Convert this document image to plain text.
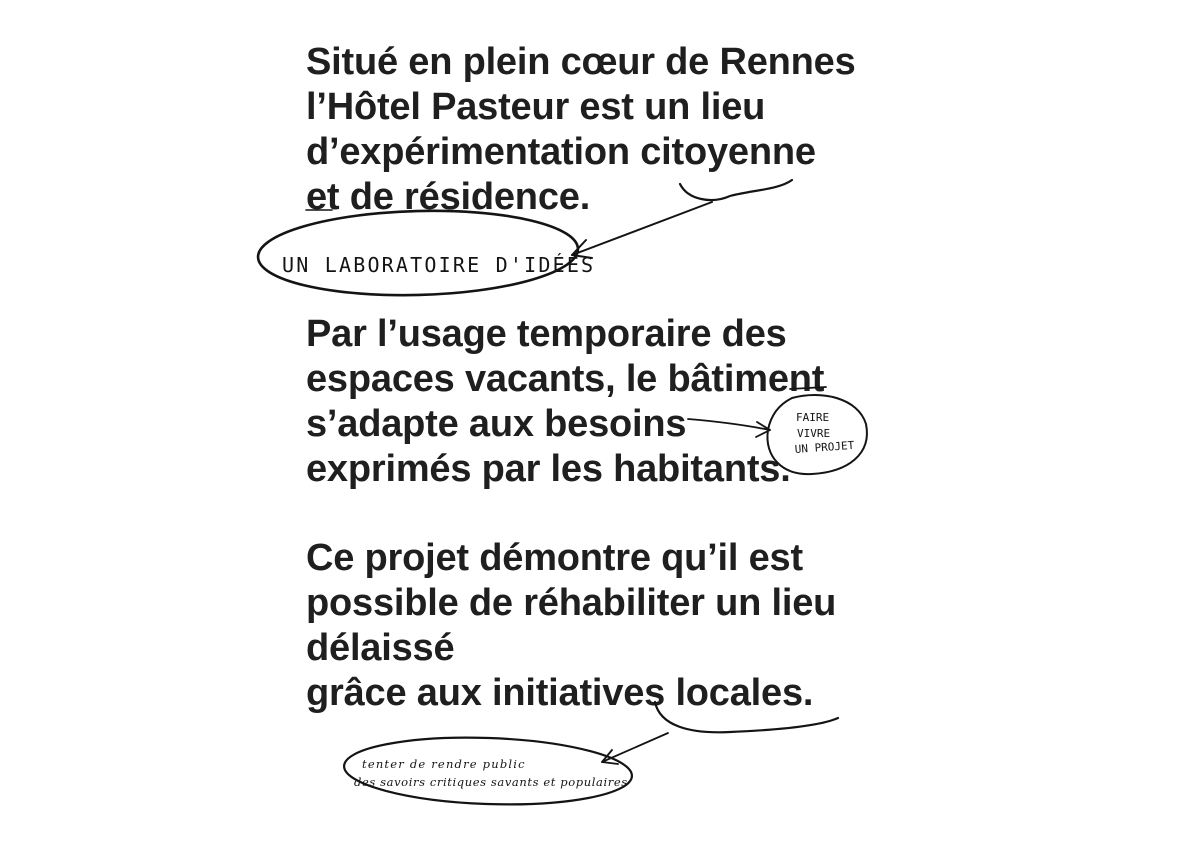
Situé en plein cœur de Rennes
l’Hôtel Pasteur est un lieu
d’expérimentation citoyenne
et de résidence.
Par l’usage temporaire des
espaces vacants, le bâtiment
s’adapte aux besoins
exprimés par les habitants.
Ce projet démontre qu’il est
possible de réhabiliter un lieu
délaissé
grâce aux initiatives locales.
UN LABORATOIRE D'IDÉES
FAIRE
VIVRE
UN PROJET
tenter de rendre public
des savoirs critiques savants et populaires
